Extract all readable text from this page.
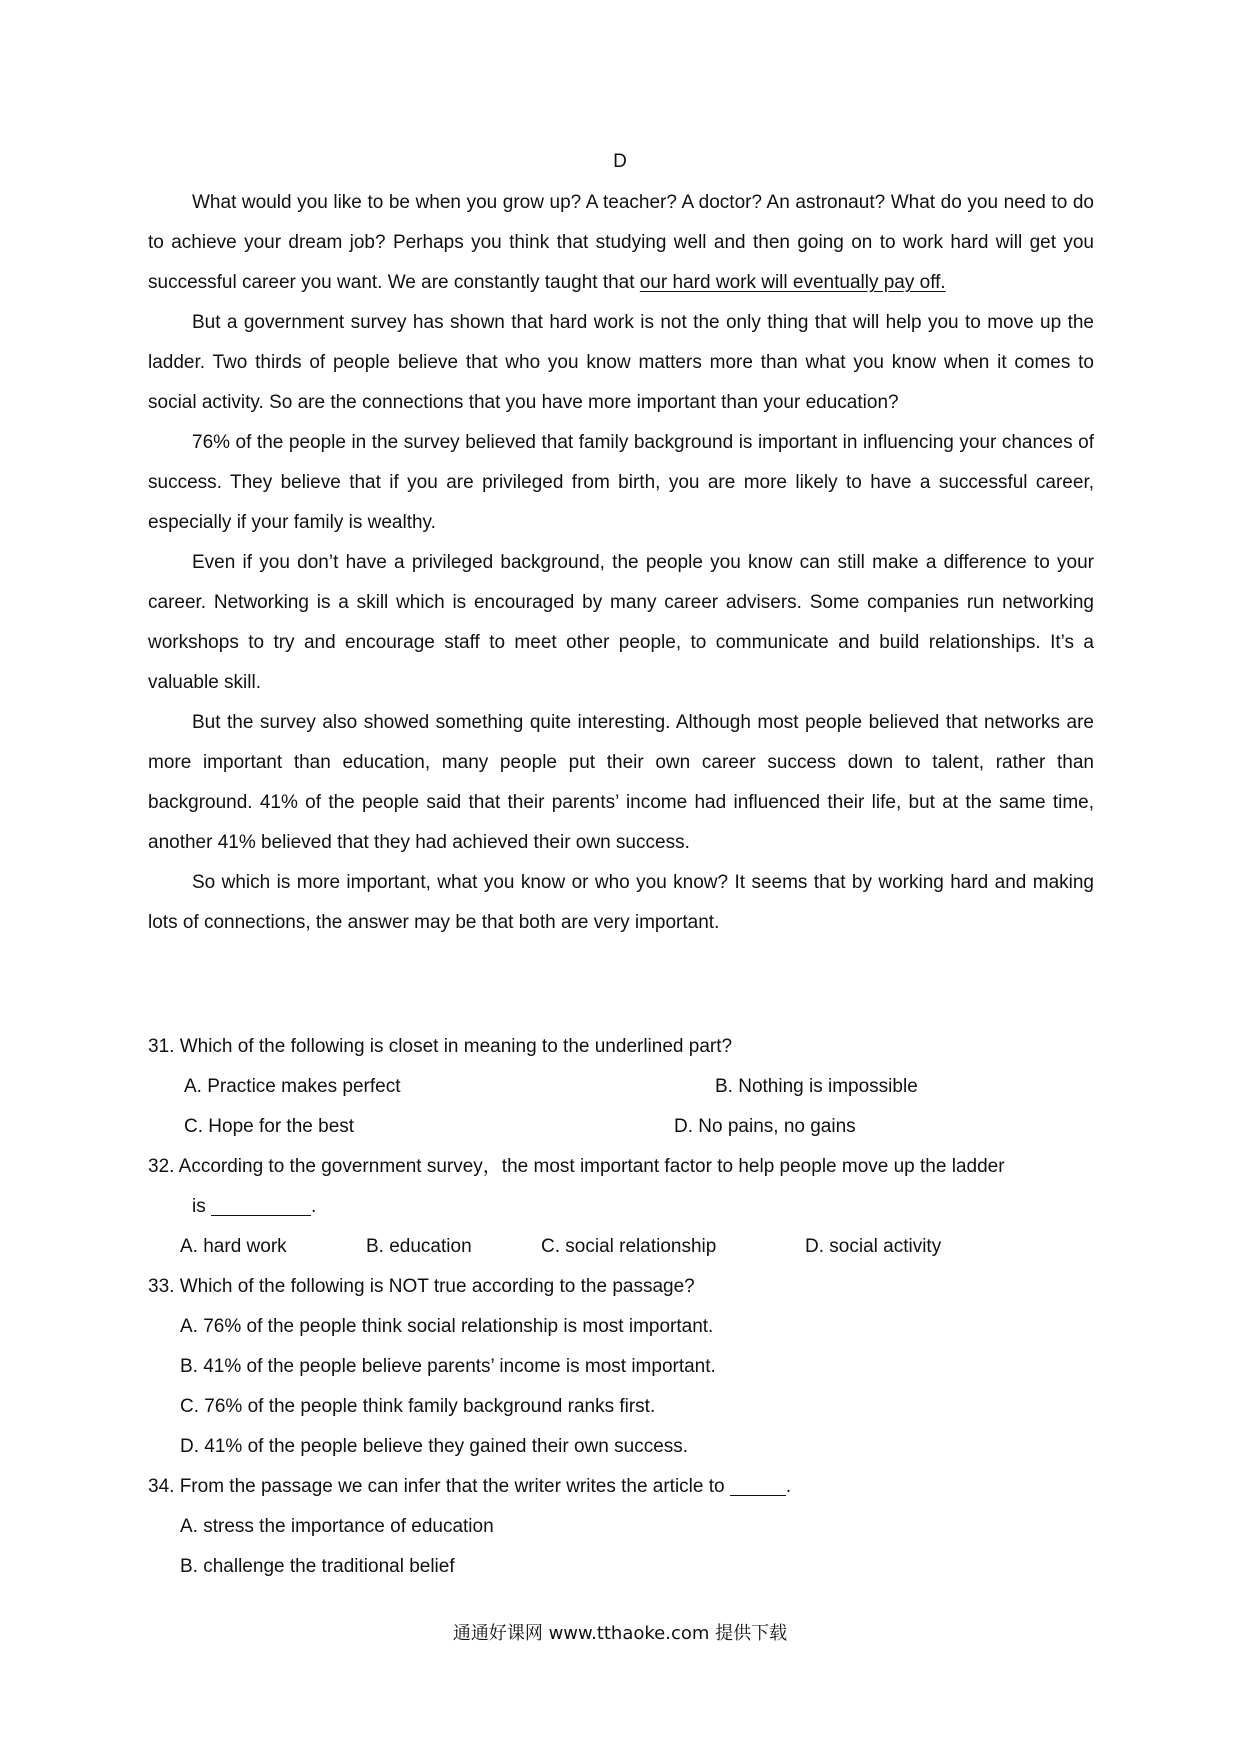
D

What would you like to be when you grow up? A teacher? A doctor? An astronaut? What do you need to do to achieve your dream job? Perhaps you think that studying well and then going on to work hard will get you successful career you want. We are constantly taught that our hard work will eventually pay off.

But a government survey has shown that hard work is not the only thing that will help you to move up the ladder. Two thirds of people believe that who you know matters more than what you know when it comes to social activity. So are the connections that you have more important than your education?

76% of the people in the survey believed that family background is important in influencing your chances of success. They believe that if you are privileged from birth, you are more likely to have a successful career, especially if your family is wealthy.

Even if you don’t have a privileged background, the people you know can still make a difference to your career. Networking is a skill which is encouraged by many career advisers. Some companies run networking workshops to try and encourage staff to meet other people, to communicate and build relationships. It’s a valuable skill.

But the survey also showed something quite interesting. Although most people believed that networks are more important than education, many people put their own career success down to talent, rather than background. 41% of the people said that their parents’ income had influenced their life, but at the same time, another 41% believed that they had achieved their own success.

So which is more important, what you know or who you know? It seems that by working hard and making lots of connections, the answer may be that both are very important.

31. Which of the following is closet in meaning to the underlined part?
A. Practice makes perfect	B. Nothing is impossible
C. Hope for the best	D. No pains, no gains
32. According to the government survey，the most important factor to help people move up the ladder
is	.
A. hard work	B. education	C. social relationship	D. social activity
33. Which of the following is NOT true according to the passage?
A. 76% of the people think social relationship is most important.
B. 41% of the people believe parents’ income is most important.
C. 76% of the people think family background ranks first.
D. 41% of the people believe they gained their own success.
34. From the passage we can infer that the writer writes the article to	.
A. stress the importance of education
B. challenge the traditional belief
通通好课网 www.tthaoke.com 提供下载
